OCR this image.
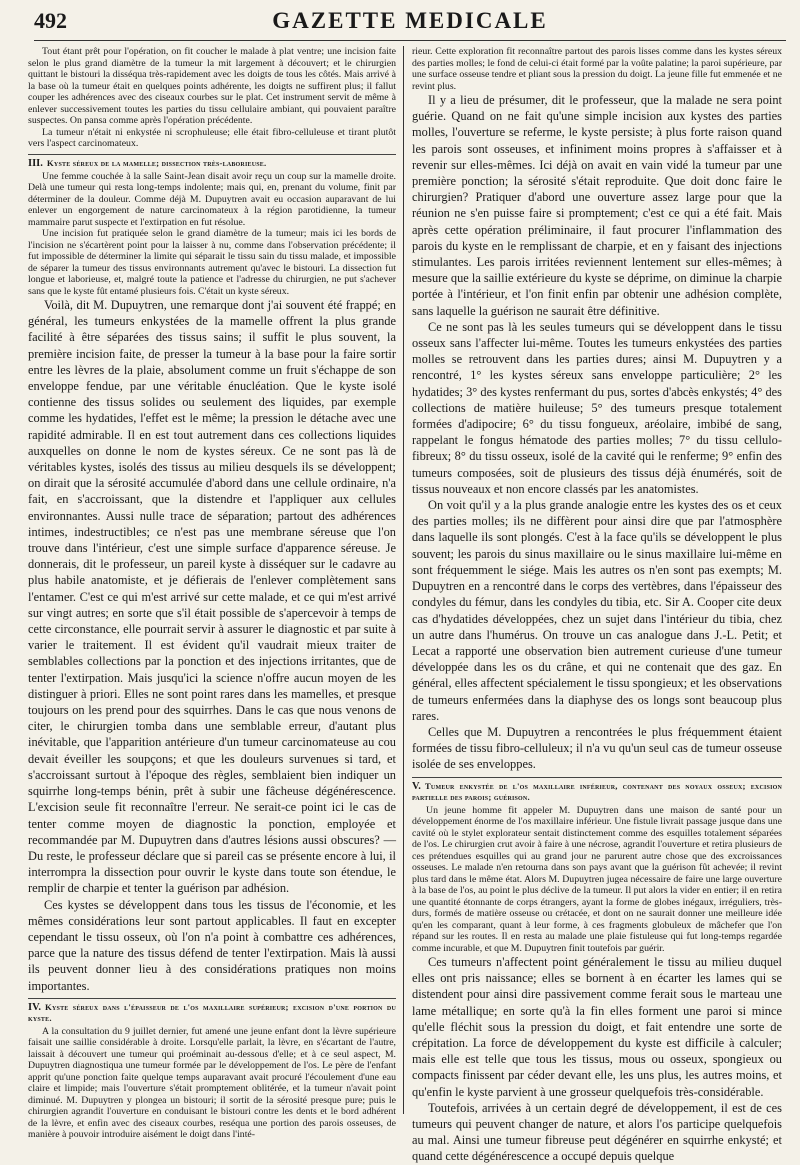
492	GAZETTE MEDICALE

Tout étant prêt pour l'opération, on fit coucher le malade à plat ventre; une incision faite selon le plus grand diamètre de la tumeur la mit largement à découvert; et le chirurgien quittant le bistouri la disséqua très-rapidement avec les doigts de tous les côtés. Mais arrivé à la base où la tumeur était en quelques points adhérente, les doigts ne suffirent plus; il fallut couper les adhérences avec des ciseaux courbes sur le plat. Cet instrument servit de même à enlever successivement toutes les parties du tissu cellulaire ambiant, qui pouvaient paraître suspectes. On pansa comme après l'opération précédente.

La tumeur n'était ni enkystée ni scrophuleuse; elle était fibro-celluleuse et tirant plutôt vers l'aspect carcinomateux.

III. Kyste séreux de la mamelle; dissection très-laborieuse.

Une femme couchée à la salle Saint-Jean disait avoir reçu un coup sur la mamelle droite. Delà une tumeur qui resta long-temps indolente; mais qui, en, prenant du volume, finit par déterminer de la douleur. Comme déjà M. Dupuytren avait eu occasion auparavant de lui enlever un engorgement de nature carcinomateux à la région parotidienne, la tumeur mammaire parut suspecte et l'extirpation en fut résolue.

Une incision fut pratiquée selon le grand diamètre de la tumeur; mais ici les bords de l'incision ne s'écartèrent point pour la laisser à nu, comme dans l'observation précédente; il fut impossible de déterminer la limite qui séparait le tissu sain du tissu malade, et impossible de séparer la tumeur des tissus environnants autrement qu'avec le bistouri. La dissection fut longue et laborieuse, et, malgré toute la patience et l'adresse du chirurgien, ne put s'achever sans que le kyste fût entamé plusieurs fois. C'était un kyste séreux.

Voilà, dit M. Dupuytren, une remarque dont j'ai souvent été frappé; en général, les tumeurs enkystées de la mamelle offrent la plus grande facilité à être séparées des tissus sains; il suffit le plus souvent, la première incision faite, de presser la tumeur à la base pour la faire sortir entre les lèvres de la plaie, absolument comme un fruit s'échappe de son enveloppe fendue, par une véritable énucléation. Que le kyste isolé contienne des tissus solides ou seulement des liquides, par exemple comme les hydatides, l'effet est le même; la pression le détache avec une rapidité admirable. Il en est tout autrement dans ces collections liquides auxquelles on donne le nom de kystes séreux. Ce ne sont pas là de véritables kystes, isolés des tissus au milieu desquels ils se développent; on dirait que la sérosité accumulée d'abord dans une cellule ordinaire, n'a fait, en s'accroissant, que la distendre et l'appliquer aux cellules environnantes. Aussi nulle trace de séparation; partout des adhérences intimes, indestructibles; ce n'est pas une membrane séreuse que l'on trouve dans l'intérieur, c'est une simple surface d'apparence séreuse. Je donnerais, dit le professeur, un pareil kyste à disséquer sur le cadavre au plus habile anatomiste, et je défierais de l'enlever complètement sans l'entamer. C'est ce qui m'est arrivé sur cette malade, et ce qui m'est arrivé sur vingt autres; en sorte que s'il était possible de s'apercevoir à temps de cette circonstance, elle pourrait servir à assurer le diagnostic et par suite à varier le traitement. Il est évident qu'il vaudrait mieux traiter de semblables collections par la ponction et des injections irritantes, que de tenter l'extirpation. Mais jusqu'ici la science n'offre aucun moyen de les distinguer à priori. Elles ne sont point rares dans les mamelles, et presque toujours on les prend pour des squirrhes. Dans le cas que nous venons de citer, le chirurgien tomba dans une semblable erreur, d'autant plus inévitable, que l'apparition antérieure d'un tumeur carcinomateuse au cou devait éveiller les soupçons; et que les douleurs survenues si tard, et s'accroissant surtout à l'époque des règles, semblaient bien indiquer un squirrhe long-temps bénin, prêt à subir une fâcheuse dégénérescence. L'excision seule fit reconnaître l'erreur. Ne serait-ce point ici le cas de tenter comme moyen de diagnostic la ponction, employée et recommandée par M. Dupuytren dans d'autres lésions aussi obscures? —Du reste, le professeur déclare que si pareil cas se présente encore à lui, il interromprа la dissection pour ouvrir le kyste dans toute son étendue, le remplir de charpie et tenter la guérison par adhésion.

Ces kystes se développent dans tous les tissus de l'économie, et les mêmes considérations leur sont partout applicables. Il faut en excepter cependant le tissu osseux, où l'on n'a point à combattre ces adhérences, parce que la nature des tissus défend de tenter l'extirpation. Mais là aussi ils peuvent donner lieu à des considérations pratiques non moins importantes.

IV. Kyste séreux dans l'épaisseur de l'os maxillaire supérieur; excision d'une portion du kyste.

A la consultation du 9 juillet dernier, fut amené une jeune enfant dont la lèvre supérieure faisait une saillie considérable à droite. Lorsqu'elle parlait, la lèvre, en s'écartant de l'autre, laissait à découvert une tumeur qui proéminait au-dessous d'elle; et à ce seul aspect, M. Dupuytren diagnostiqua une tumeur formée par le développement de l'os. Le père de l'enfant apprit qu'une ponction faite quelque temps auparavant avait procuré l'écoulement d'une eau claire et limpide; mais l'ouverture s'était promptement oblitérée, et la tumeur n'avait point diminué. M. Dupuytren y plongea un bistouri; il sortit de la sérosité presque pure; puis le chirurgien agrandit l'ouverture en conduisant le bistouri contre les dents et le bord adhérent de la lèvre, et enfin avec des ciseaux courbes, reséqua une portion des parois osseuses, de manière à pouvoir introduire aisément le doigt dans l'inté-

rieur. Cette exploration fit reconnaître partout des parois lisses comme dans les kystes séreux des parties molles; le fond de celui-ci était formé par la voûte palatine; la paroi supérieure, par une surface osseuse tendre et pliant sous la pression du doigt. La jeune fille fut emmenée et ne revint plus.

Il y a lieu de présumer, dit le professeur, que la malade ne sera point guérie. Quand on ne fait qu'une simple incision aux kystes des parties molles, l'ouverture se referme, le kyste persiste; à plus forte raison quand les parois sont osseuses, et infiniment moins propres à s'affaisser et à revenir sur elles-mêmes. Ici déjà on avait en vain vidé la tumeur par une première ponction; la sérosité s'était reproduite. Que doit donc faire le chirurgien? Pratiquer d'abord une ouverture assez large pour que la réunion ne s'en puisse faire si promptement; c'est ce qui a été fait. Mais après cette opération préliminaire, il faut procurer l'inflammation des parois du kyste en le remplissant de charpie, et en y faisant des injections stimulantes. Les parois irritées reviennent lentement sur elles-mêmes; à mesure que la saillie extérieure du kyste se déprime, on diminue la charpie portée à l'intérieur, et l'on finit enfin par obtenir une adhésion complète, sans laquelle la guérison ne saurait être définitive.

Ce ne sont pas là les seules tumeurs qui se développent dans le tissu osseux sans l'affecter lui-même. Toutes les tumeurs enkystées des parties molles se retrouvent dans les parties dures; ainsi M. Dupuytren y a rencontré, 1° les kystes séreux sans enveloppe particulière; 2° les hydatides; 3° des kystes renfermant du pus, sortes d'abcès enkystés; 4° des collections de matière huileuse; 5° des tumeurs presque totalement formées d'adipocire; 6° du tissu fongueux, aréolaire, imbibé de sang, rappelant le fongus hématode des parties molles; 7° du tissu cellulo-fibreux; 8° du tissu osseux, isolé de la cavité qui le renferme; 9° enfin des tumeurs composées, soit de plusieurs des tissus déjà énumérés, soit de tissus nouveaux et non encore classés par les anatomistes.

On voit qu'il y a la plus grande analogie entre les kystes des os et ceux des parties molles; ils ne diffèrent pour ainsi dire que par l'atmosphère dans laquelle ils sont plongés. C'est à la face qu'ils se développent le plus souvent; les parois du sinus maxillaire ou le sinus maxillaire lui-même en sont fréquemment le siége. Mais les autres os n'en sont pas exempts; M. Dupuytren en a rencontré dans le corps des vertèbres, dans l'épaisseur des condyles du fémur, dans les condyles du tibia, etc. Sir A. Cooper cite deux cas d'hydatides développées, chez un sujet dans l'intérieur du tibia, chez un autre dans l'humérus. On trouve un cas analogue dans J.-L. Petit; et Lecat a rapporté une observation bien autrement curieuse d'une tumeur développée dans les os du crâne, et qui ne contenait que des gaz. En général, elles affectent spécialement le tissu spongieux; et les observations de tumeurs enfermées dans la diaphyse des os longs sont beaucoup plus rares.

Celles que M. Dupuytren a rencontrées le plus fréquemment étaient formées de tissu fibro-celluleux; il n'a vu qu'un seul cas de tumeur osseuse isolée de ses enveloppes.

V. Tumeur enkystée de l'os maxillaire inférieur, contenant des noyaux osseux; excision partielle des parois; guérison.

Un jeune homme fit appeler M. Dupuytren dans une maison de santé pour un développement énorme de l'os maxillaire inférieur. Une fistule livrait passage jusque dans une cavité où le stylet explorateur sentait distinctement comme des esquilles totalement séparées de l'os. Le chirurgien crut avoir à faire à une nécrose, agrandit l'ouverture et retira plusieurs de ces prétendues esquilles qui au grand jour ne parurent autre chose que des excroissances osseuses. Le malade n'en retourna dans son pays avant que la guérison fût achevée; il revint plus tard dans le même état. Alors M. Dupuytren jugea nécessaire de faire une large ouverture à la base de l'os, au point le plus déclive de la tumeur. Il put alors la vider en entier; il en retira une quantité étonnante de corps étrangers, ayant la forme de globes inégaux, irréguliers, très-durs, formés de matière osseuse ou crétacée, et dont on ne saurait donner une meilleure idée qu'en les comparant, quant à leur forme, à ces fragments globuleux de mâchefer que l'on répand sur les routes. Il en resta au malade une plaie fistuleuse qui fut long-temps regardée comme incurable, et que M. Dupuytren finit toutefois par guérir.

Ces tumeurs n'affectent point généralement le tissu au milieu duquel elles ont pris naissance; elles se bornent à en écarter les lames qui se distendent pour ainsi dire passivement comme ferait sous le marteau une lame métallique; en sorte qu'à la fin elles forment une paroi si mince qu'elle fléchit sous la pression du doigt, et fait entendre une sorte de crépitation. La force de développement du kyste est difficile à calculer; mais elle est telle que tous les tissus, mous ou osseux, spongieux ou compacts finissent par céder devant elle, les uns plus, les autres moins, et qu'enfin le kyste parvient à une grosseur quelquefois très-considérable.

Toutefois, arrivées à un certain degré de développement, il est de ces tumeurs qui peuvent changer de nature, et alors l'os participe quelquefois au mal. Ainsi une tumeur fibreuse peut dégénérer en squirrhe enkysté; et quand cette dégénérescence a occupé depuis quelque
